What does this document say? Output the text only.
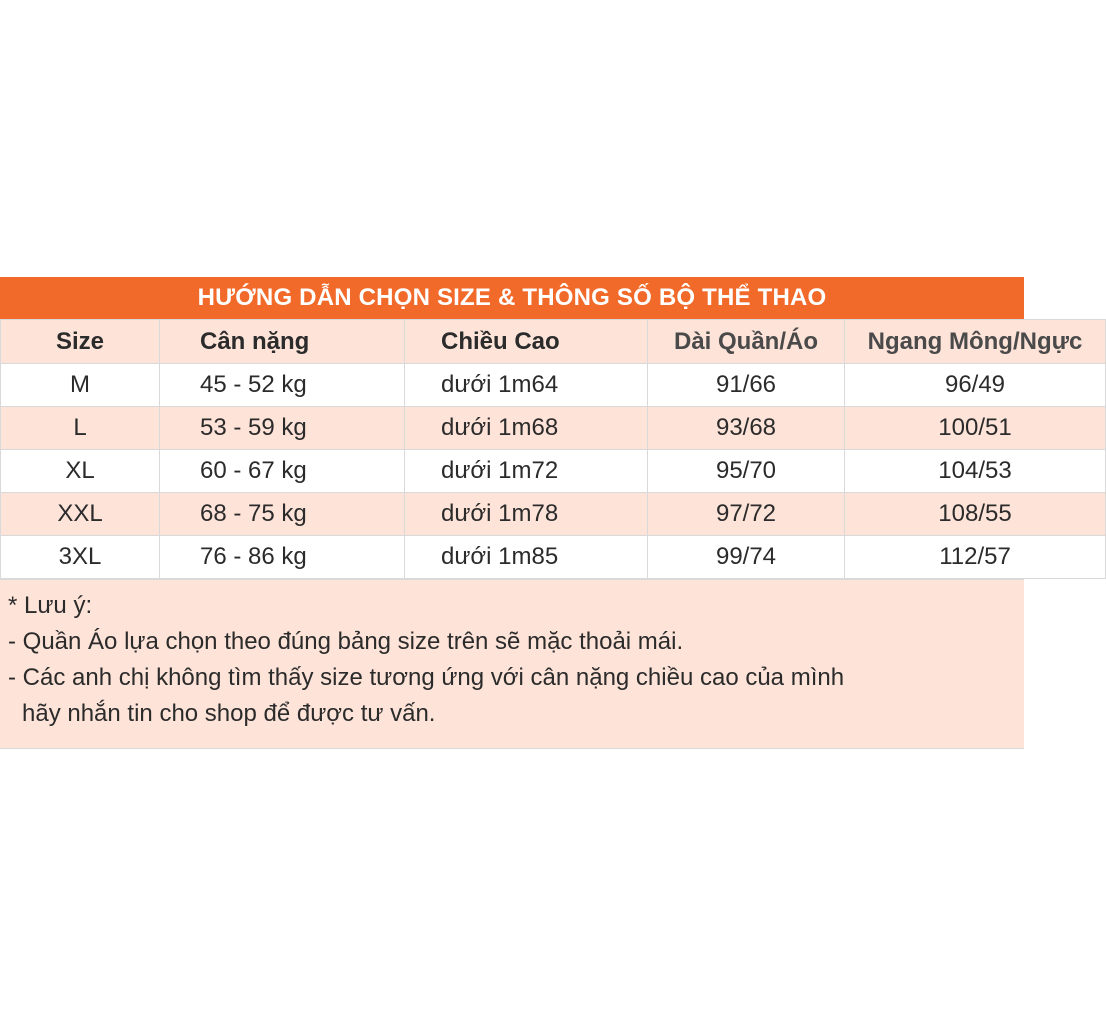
HƯỚNG DẪN CHỌN SIZE & THÔNG SỐ BỘ THỂ THAO
Size	Cân nặng	Chiều Cao	Dài Quần/Áo	Ngang Mông/Ngực
M	45 - 52 kg	dưới 1m64	91/66	96/49
L	53 - 59 kg	dưới 1m68	93/68	100/51
XL	60 - 67 kg	dưới 1m72	95/70	104/53
XXL	68 - 75 kg	dưới 1m78	97/72	108/55
3XL	76 - 86 kg	dưới 1m85	99/74	112/57
* Lưu ý:
- Quần Áo lựa chọn theo đúng bảng size trên sẽ mặc thoải mái.
- Các anh chị không tìm thấy size tương ứng với cân nặng chiều cao của mình
hãy nhắn tin cho shop để được tư vấn.
